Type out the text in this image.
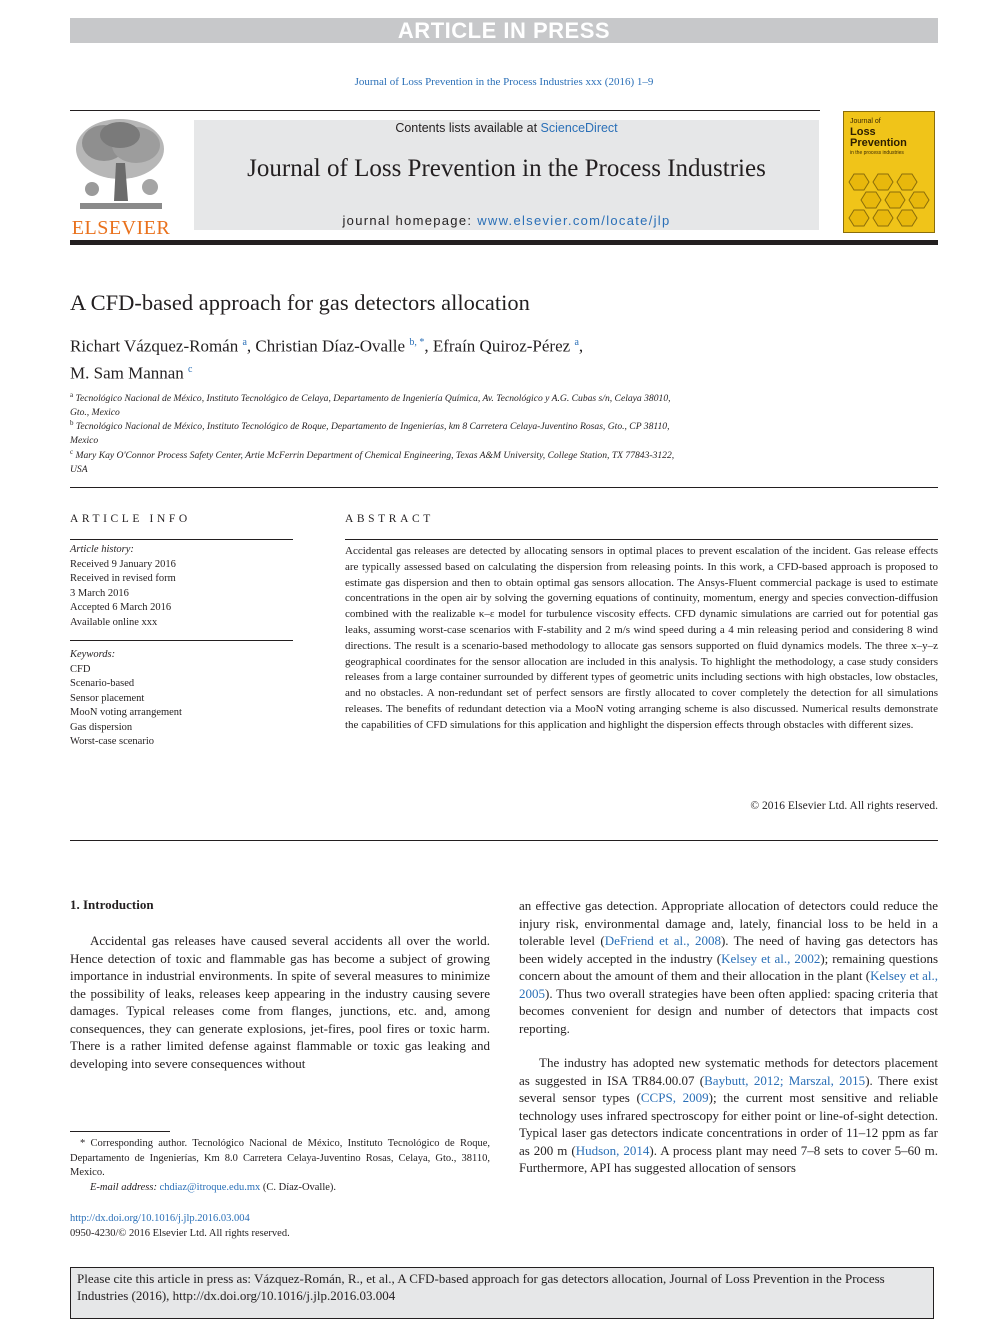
ARTICLE IN PRESS
Journal of Loss Prevention in the Process Industries xxx (2016) 1–9
ELSEVIER
Contents lists available at ScienceDirect
Journal of Loss Prevention in the Process Industries
journal homepage: www.elsevier.com/locate/jlp
Journal of
Loss
Prevention
in the process industries
A CFD-based approach for gas detectors allocation
Richart Vázquez-Román $^a$, Christian Díaz-Ovalle $^{b, *}$, Efraín Quiroz-Pérez $^a$,
M. Sam Mannan $^c$
$^a$ Tecnológico Nacional de México, Instituto Tecnológico de Celaya, Departamento de Ingeniería Química, Av. Tecnológico y A.G. Cubas s/n, Celaya 38010,
Gto., Mexico
$^b$ Tecnológico Nacional de México, Instituto Tecnológico de Roque, Departamento de Ingenierías, km 8 Carretera Celaya-Juventino Rosas, Gto., CP 38110,
Mexico
$^c$ Mary Kay O'Connor Process Safety Center, Artie McFerrin Department of Chemical Engineering, Texas A&M University, College Station, TX 77843-3122,
USA
ARTICLE INFO
Article history:
Received 9 January 2016
Received in revised form
3 March 2016
Accepted 6 March 2016
Available online xxx
Keywords:
CFD
Scenario-based
Sensor placement
MooN voting arrangement
Gas dispersion
Worst-case scenario
ABSTRACT
Accidental gas releases are detected by allocating sensors in optimal places to prevent escalation of the incident. Gas release effects are typically assessed based on calculating the dispersion from releasing points. In this work, a CFD-based approach is proposed to estimate gas dispersion and then to obtain optimal gas sensors allocation. The Ansys-Fluent commercial package is used to estimate concentrations in the open air by solving the governing equations of continuity, momentum, energy and species convection-diffusion combined with the realizable κ–ε model for turbulence viscosity effects. CFD dynamic simulations are carried out for potential gas leaks, assuming worst-case scenarios with F-stability and 2 m/s wind speed during a 4 min releasing period and considering 8 wind directions. The result is a scenario-based methodology to allocate gas sensors supported on fluid dynamics models. The three x–y–z geographical coordinates for the sensor allocation are included in this analysis. To highlight the methodology, a case study considers releases from a large container surrounded by different types of geometric units including sections with high obstacles, low obstacles, and no obstacles. A non-redundant set of perfect sensors are firstly allocated to cover completely the detection for all simulations releases. The benefits of redundant detection via a MooN voting arranging scheme is also discussed. Numerical results demonstrate the capabilities of CFD simulations for this application and highlight the dispersion effects through obstacles with different sizes.
© 2016 Elsevier Ltd. All rights reserved.
1. Introduction
Accidental gas releases have caused several accidents all over the world. Hence detection of toxic and flammable gas has become a subject of growing importance in industrial environments. In spite of several measures to minimize the possibility of leaks, releases keep appearing in the industry causing severe damages. Typical releases come from flanges, junctions, etc. and, among consequences, they can generate explosions, jet-fires, pool fires or toxic harm. There is a rather limited defense against flammable or toxic gas leaking and developing into severe consequences without
an effective gas detection. Appropriate allocation of detectors could reduce the injury risk, environmental damage and, lately, financial loss to be held in a tolerable level (DeFriend et al., 2008). The need of having gas detectors has been widely accepted in the industry (Kelsey et al., 2002); remaining questions concern about the amount of them and their allocation in the plant (Kelsey et al., 2005). Thus two overall strategies have been often applied: spacing criteria that becomes convenient for design and number of detectors that impacts cost reporting.
The industry has adopted new systematic methods for detectors placement as suggested in ISA TR84.00.07 (Baybutt, 2012; Marszal, 2015). There exist several sensor types (CCPS, 2009); the current most sensitive and reliable technology uses infrared spectroscopy for either point or line-of-sight detection. Typical laser gas detectors indicate concentrations in order of 11–12 ppm as far as 200 m (Hudson, 2014). A process plant may need 7–8 sets to cover 5–60 m. Furthermore, API has suggested allocation of sensors
* Corresponding author. Tecnológico Nacional de México, Instituto Tecnológico de Roque, Departamento de Ingenierías, Km 8.0 Carretera Celaya-Juventino Rosas, Celaya, Gto., 38110, Mexico.
E-mail address: chdiaz@itroque.edu.mx (C. Díaz-Ovalle).
http://dx.doi.org/10.1016/j.jlp.2016.03.004
0950-4230/© 2016 Elsevier Ltd. All rights reserved.
Please cite this article in press as: Vázquez-Román, R., et al., A CFD-based approach for gas detectors allocation, Journal of Loss Prevention in the Process Industries (2016), http://dx.doi.org/10.1016/j.jlp.2016.03.004
